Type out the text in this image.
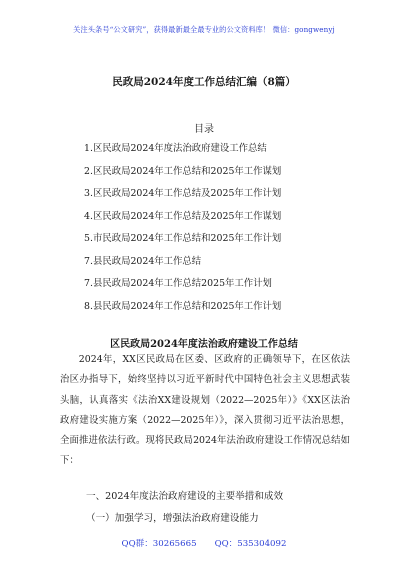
关注头条号“公文研究”，获得最新最全最专业的公文资料库！ 微信：gongwenyj
民政局2024年度工作总结汇编（8篇）
目录
1.区民政局2024年度法治政府建设工作总结
2.区民政局2024年工作总结和2025年工作谋划
3.区民政局2024年工作总结及2025年工作计划
4.区民政局2024年工作总结及2025年工作谋划
5.市民政局2024年工作总结和2025年工作计划
7.县民政局2024年工作总结
7.县民政局2024年工作总结2025年工作计划
8.县民政局2024年工作总结和2025年工作计划
区民政局2024年度法治政府建设工作总结

2024年，XX区民政局在区委、区政府的正确领导下，在区依法治区办指导下，始终坚持以习近平新时代中国特色社会主义思想武装头脑，认真落实《法治XX建设规划（2022—2025年）》《XX区法治政府建设实施方案（2022—2025年）》，深入贯彻习近平法治思想，全面推进依法行政。现将民政局2024年法治政府建设工作情况总结如下：

一、2024年度法治政府建设的主要举措和成效
（一）加强学习，增强法治政府建设能力
QQ群：30265665 QQ：535304092
